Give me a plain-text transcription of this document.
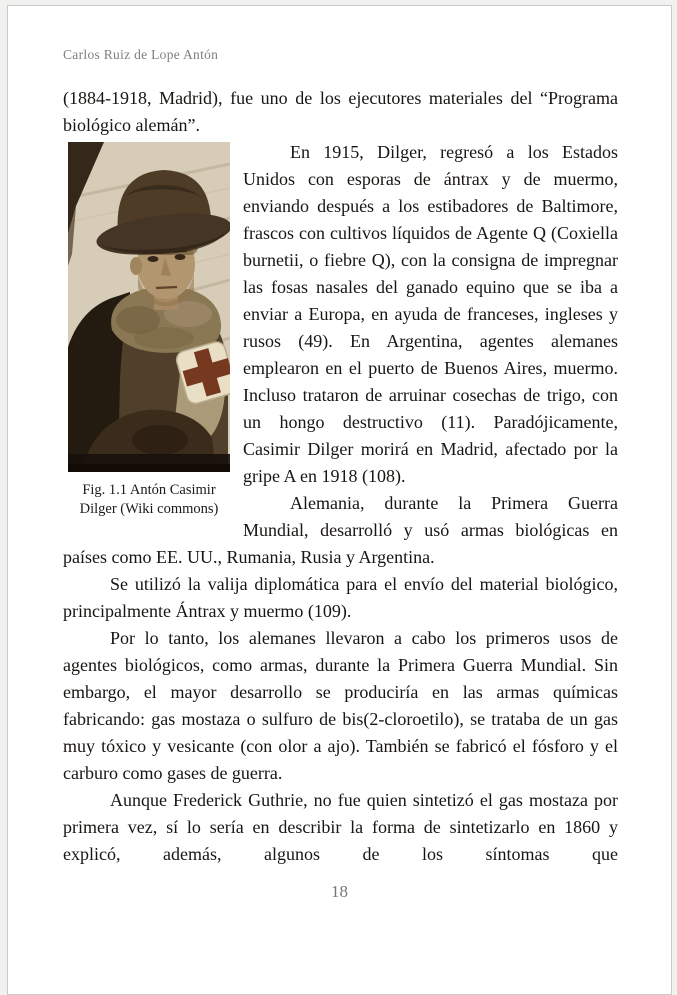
Carlos Ruiz de Lope Antón

(1884-1918, Madrid), fue uno de los ejecutores materiales del “Programa biológico alemán”.

Fig. 1.1 Antón Casimir
Dilger (Wiki commons)

En 1915, Dilger, regresó a los Estados Unidos con esporas de ántrax y de muermo, enviando después a los estibadores de Baltimore, frascos con cultivos líquidos de Agente Q (Coxiella burnetii, o fiebre Q), con la consigna de impregnar las fosas nasales del ganado equino que se iba a enviar a Europa, en ayuda de franceses, ingleses y rusos (49). En Argentina, agentes alemanes emplearon en el puerto de Buenos Aires, muermo. Incluso trataron de arruinar cosechas de trigo, con un hongo destructivo (11). Paradójicamente, Casimir Dilger morirá en Madrid, afectado por la gripe A en 1918 (108).

Alemania, durante la Primera Guerra Mundial, desarrolló y usó armas biológicas en países como EE. UU., Rumania, Rusia y Argentina.

Se utilizó la valija diplomática para el envío del material biológico, principalmente Ántrax y muermo (109).

Por lo tanto, los alemanes llevaron a cabo los primeros usos de agentes biológicos, como armas, durante la Primera Guerra Mundial. Sin embargo, el mayor desarrollo se produciría en las armas químicas fabricando: gas mostaza o sulfuro de bis(2-cloroetilo), se trataba de un gas muy tóxico y vesicante (con olor a ajo). También se fabricó el fósforo y el carburo como gases de guerra.

Aunque Frederick Guthrie, no fue quien sintetizó el gas mostaza por primera vez, sí lo sería en describir la forma de sintetizarlo en 1860 y explicó, además, algunos de los síntomas que

18
